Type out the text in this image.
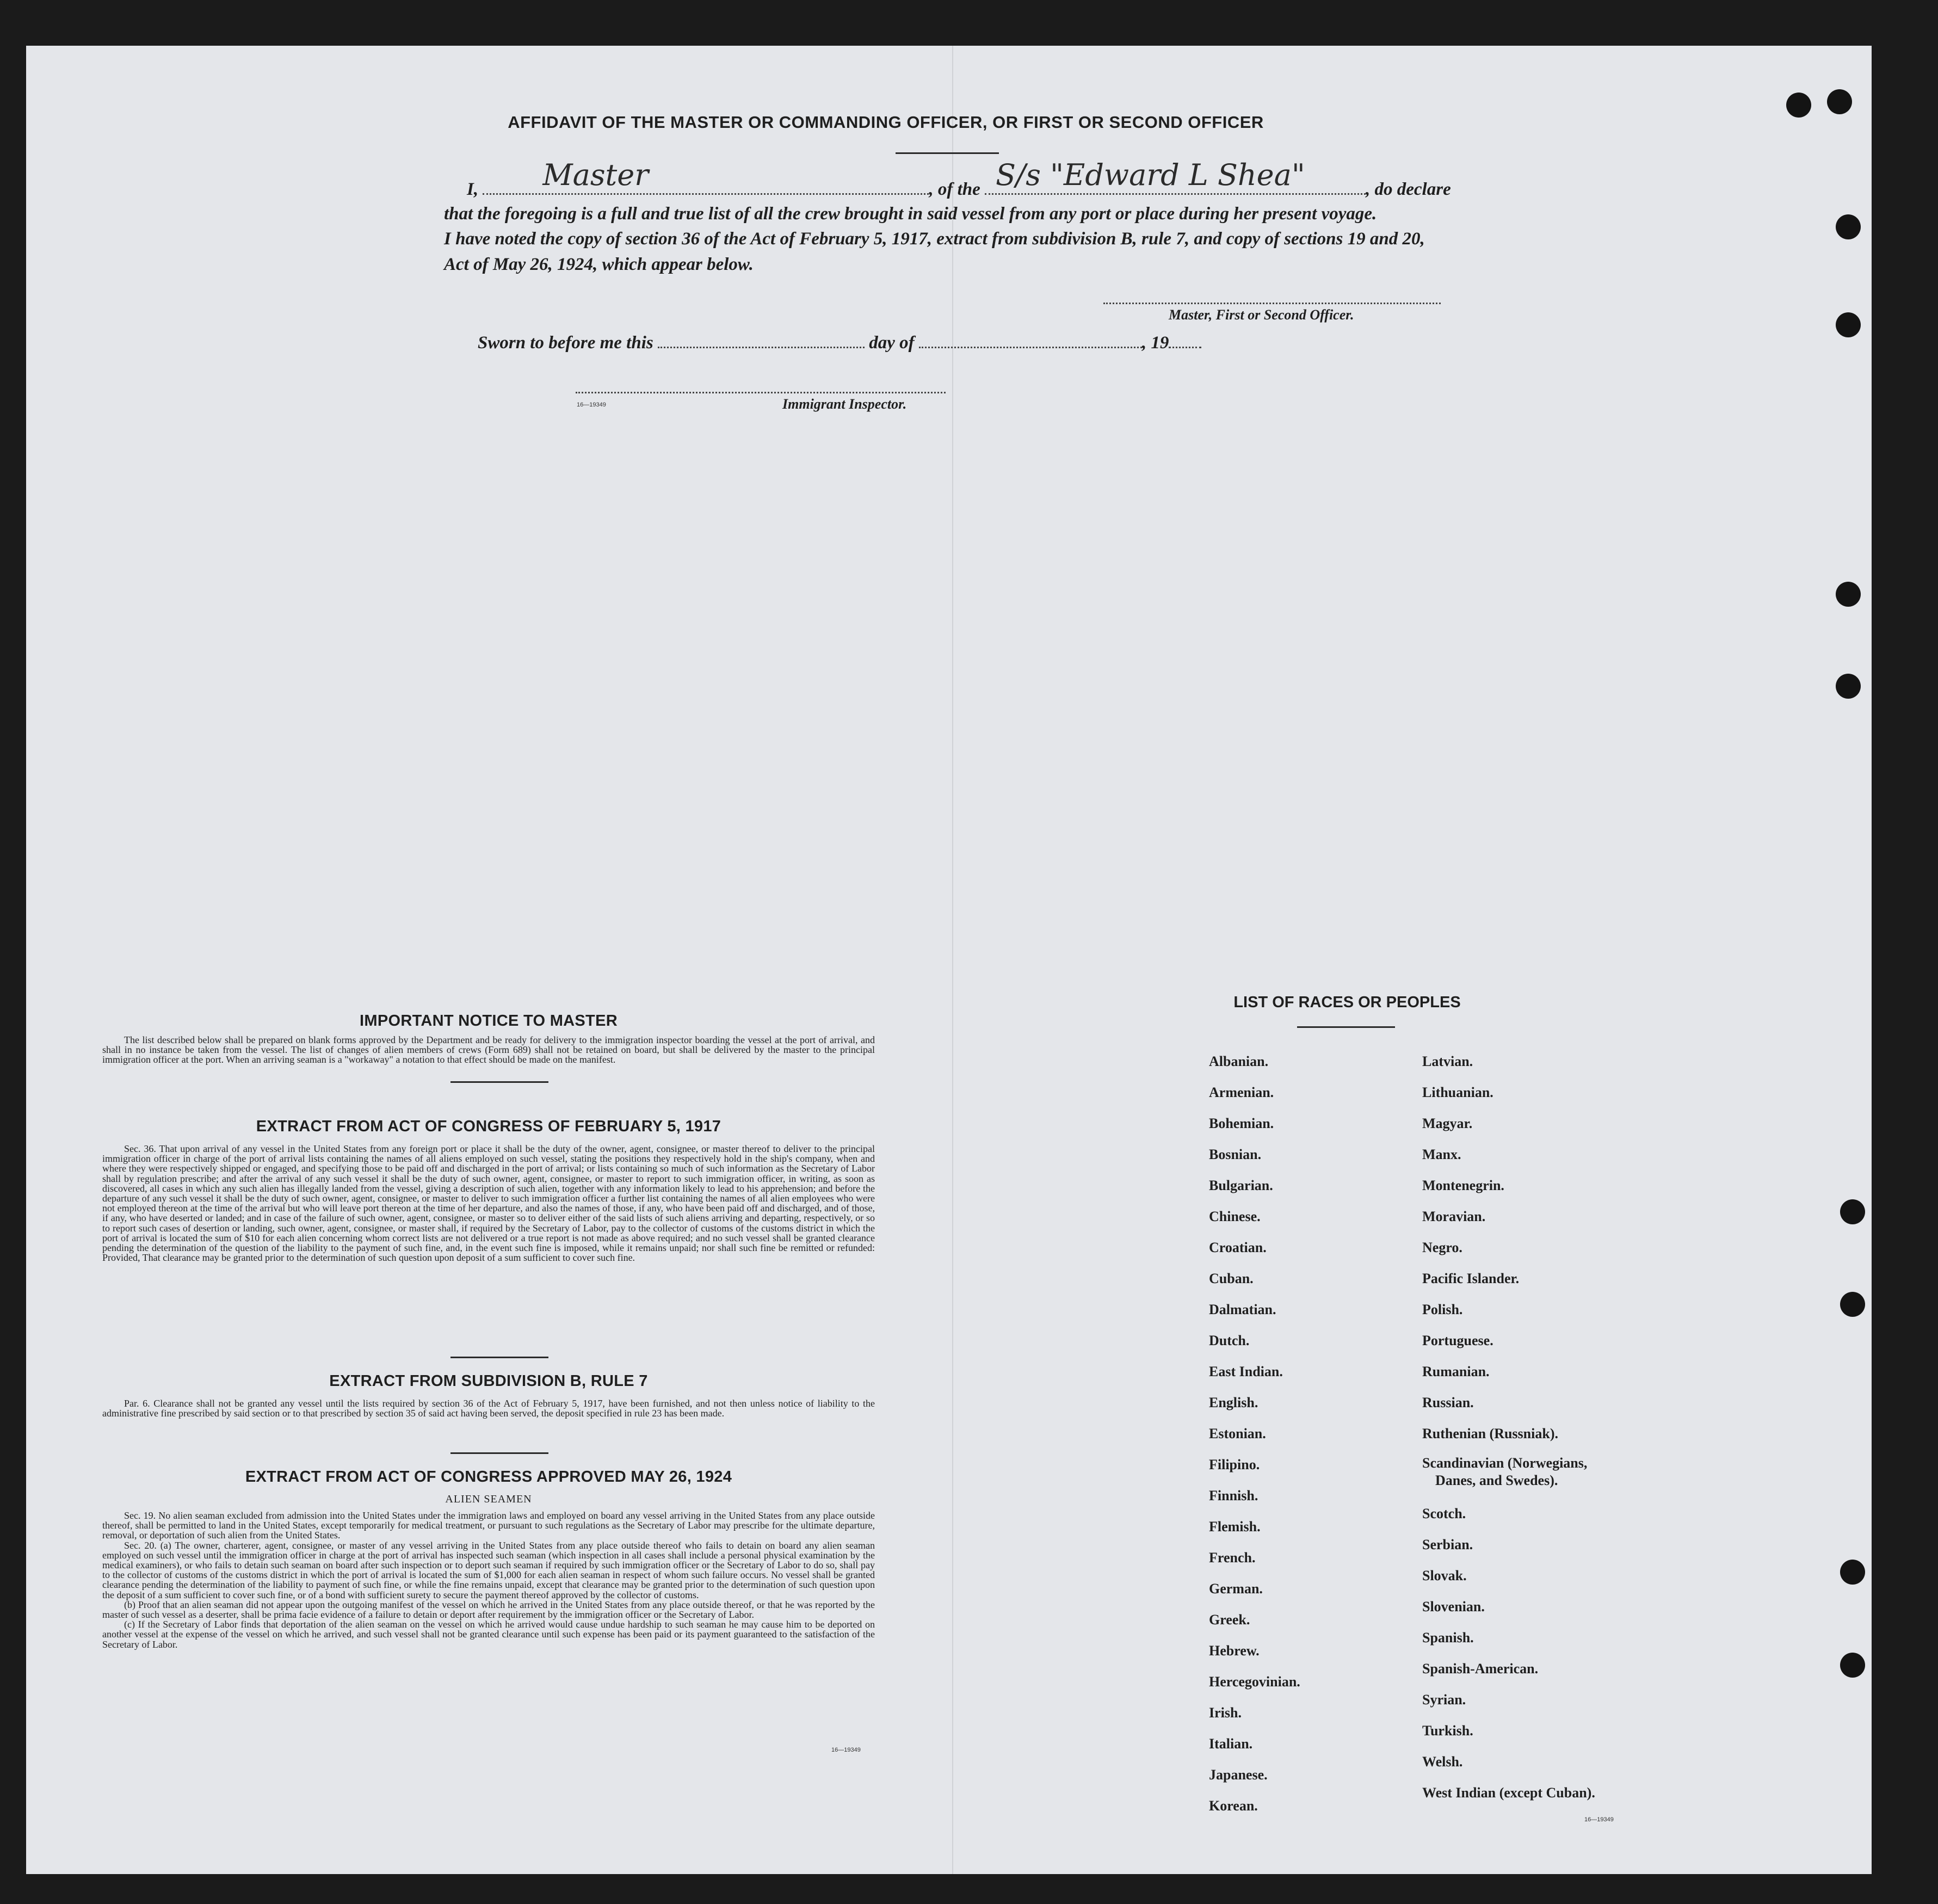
AFFIDAVIT OF THE MASTER OR COMMANDING OFFICER, OR FIRST OR SECOND OFFICER
I, Master	, of the S/s "Edward L Shea"	, do declare
that the foregoing is a full and true list of all the crew brought in said vessel from any port or place during her present voyage.
I have noted the copy of section 36 of the Act of February 5, 1917, extract from subdivision B, rule 7, and copy of sections 19 and 20,
Act of May 26, 1924, which appear below.
Master, First or Second Officer.
Sworn to before me this	day of	, 19
16—19349	Immigrant Inspector.
IMPORTANT NOTICE TO MASTER
The list described below shall be prepared on blank forms approved by the Department and be ready for delivery to the immigration inspector boarding the vessel at the port of arrival, and shall in no instance be taken from the vessel. The list of changes of alien members of crews (Form 689) shall not be retained on board, but shall be delivered by the master to the principal immigration officer at the port. When an arriving seaman is a "workaway" a notation to that effect should be made on the manifest.
EXTRACT FROM ACT OF CONGRESS OF FEBRUARY 5, 1917
Sec. 36. That upon arrival of any vessel in the United States from any foreign port or place it shall be the duty of the owner, agent, consignee, or master thereof to deliver to the principal immigration officer in charge of the port of arrival lists containing the names of all aliens employed on such vessel, stating the positions they respectively hold in the ship's company, when and where they were respectively shipped or engaged, and specifying those to be paid off and discharged in the port of arrival; or lists containing so much of such information as the Secretary of Labor shall by regulation prescribe; and after the arrival of any such vessel it shall be the duty of such owner, agent, consignee, or master to report to such immigration officer, in writing, as soon as discovered, all cases in which any such alien has illegally landed from the vessel, giving a description of such alien, together with any information likely to lead to his apprehension; and before the departure of any such vessel it shall be the duty of such owner, agent, consignee, or master to deliver to such immigration officer a further list containing the names of all alien employees who were not employed thereon at the time of the arrival but who will leave port thereon at the time of her departure, and also the names of those, if any, who have been paid off and discharged, and of those, if any, who have deserted or landed; and in case of the failure of such owner, agent, consignee, or master so to deliver either of the said lists of such aliens arriving and departing, respectively, or so to report such cases of desertion or landing, such owner, agent, consignee, or master shall, if required by the Secretary of Labor, pay to the collector of customs of the customs district in which the port of arrival is located the sum of $10 for each alien concerning whom correct lists are not delivered or a true report is not made as above required; and no such vessel shall be granted clearance pending the determination of the question of the liability to the payment of such fine, and, in the event such fine is imposed, while it remains unpaid; nor shall such fine be remitted or refunded: Provided, That clearance may be granted prior to the determination of such question upon deposit of a sum sufficient to cover such fine.
EXTRACT FROM SUBDIVISION B, RULE 7
Par. 6. Clearance shall not be granted any vessel until the lists required by section 36 of the Act of February 5, 1917, have been furnished, and not then unless notice of liability to the administrative fine prescribed by said section or to that prescribed by section 35 of said act having been served, the deposit specified in rule 23 has been made.
EXTRACT FROM ACT OF CONGRESS APPROVED MAY 26, 1924
ALIEN SEAMEN

Sec. 19. No alien seaman excluded from admission into the United States under the immigration laws and employed on board any vessel arriving in the United States from any place outside thereof, shall be permitted to land in the United States, except temporarily for medical treatment, or pursuant to such regulations as the Secretary of Labor may prescribe for the ultimate departure, removal, or deportation of such alien from the United States.

Sec. 20. (a) The owner, charterer, agent, consignee, or master of any vessel arriving in the United States from any place outside thereof who fails to detain on board any alien seaman employed on such vessel until the immigration officer in charge at the port of arrival has inspected such seaman (which inspection in all cases shall include a personal physical examination by the medical examiners), or who fails to detain such seaman on board after such inspection or to deport such seaman if required by such immigration officer or the Secretary of Labor to do so, shall pay to the collector of customs of the customs district in which the port of arrival is located the sum of $1,000 for each alien seaman in respect of whom such failure occurs. No vessel shall be granted clearance pending the determination of the liability to payment of such fine, or while the fine remains unpaid, except that clearance may be granted prior to the determination of such question upon the deposit of a sum sufficient to cover such fine, or of a bond with sufficient surety to secure the payment thereof approved by the collector of customs.

(b) Proof that an alien seaman did not appear upon the outgoing manifest of the vessel on which he arrived in the United States from any place outside thereof, or that he was reported by the master of such vessel as a deserter, shall be prima facie evidence of a failure to detain or deport after requirement by the immigration officer or the Secretary of Labor.

(c) If the Secretary of Labor finds that deportation of the alien seaman on the vessel on which he arrived would cause undue hardship to such seaman he may cause him to be deported on another vessel at the expense of the vessel on which he arrived, and such vessel shall not be granted clearance until such expense has been paid or its payment guaranteed to the satisfaction of the Secretary of Labor.

16—19349
LIST OF RACES OR PEOPLES
Albanian.
Armenian.
Bohemian.
Bosnian.
Bulgarian.
Chinese.
Croatian.
Cuban.
Dalmatian.
Dutch.
East Indian.
English.
Estonian.
Filipino.
Finnish.
Flemish.
French.
German.
Greek.
Hebrew.
Hercegovinian.
Irish.
Italian.
Japanese.
Korean.
Latvian.
Lithuanian.
Magyar.
Manx.
Montenegrin.
Moravian.
Negro.
Pacific Islander.
Polish.
Portuguese.
Rumanian.
Russian.
Ruthenian (Russniak).
Scandinavian (Norwegians,
Danes, and Swedes).
Scotch.
Serbian.
Slovak.
Slovenian.
Spanish.
Spanish-American.
Syrian.
Turkish.
Welsh.
West Indian (except Cuban).
16—19349
